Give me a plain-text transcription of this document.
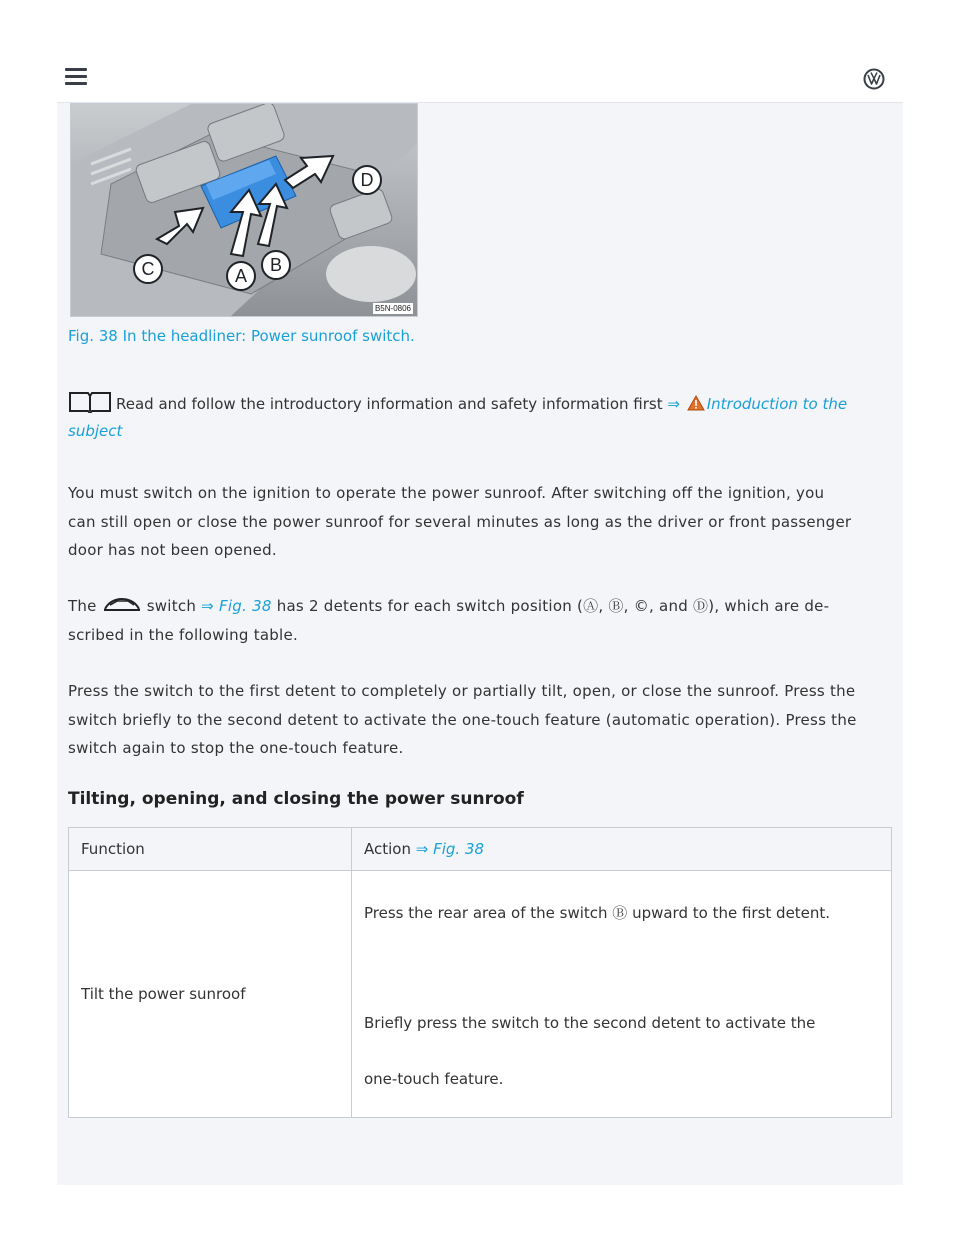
D
C	A
B
B5N-0806
Fig. 38 In the headliner: Power sunroof switch.
Read and follow the introductory information and safety information first ⇒ Introduction to the subject
You must switch on the ignition to operate the power sunroof. After switching off the ignition, you
can still open or close the power sunroof for several minutes as long as the driver or front passenger
door has not been opened.
The	switch ⇒ Fig. 38 has 2 detents for each switch position (Ⓐ, Ⓑ, ©, and Ⓓ), which are de-
scribed in the following table.
Press the switch to the first detent to completely or partially tilt, open, or close the sunroof. Press the
switch briefly to the second detent to activate the one-touch feature (automatic operation). Press the
switch again to stop the one-touch feature.
Tilting, opening, and closing the power sunroof
Function	Action ⇒ Fig. 38
Tilt the power sunroof	Press the rear area of the switch Ⓑ upward to the first detent.
Briefly press the switch to the second detent to activate the
one-touch feature.
